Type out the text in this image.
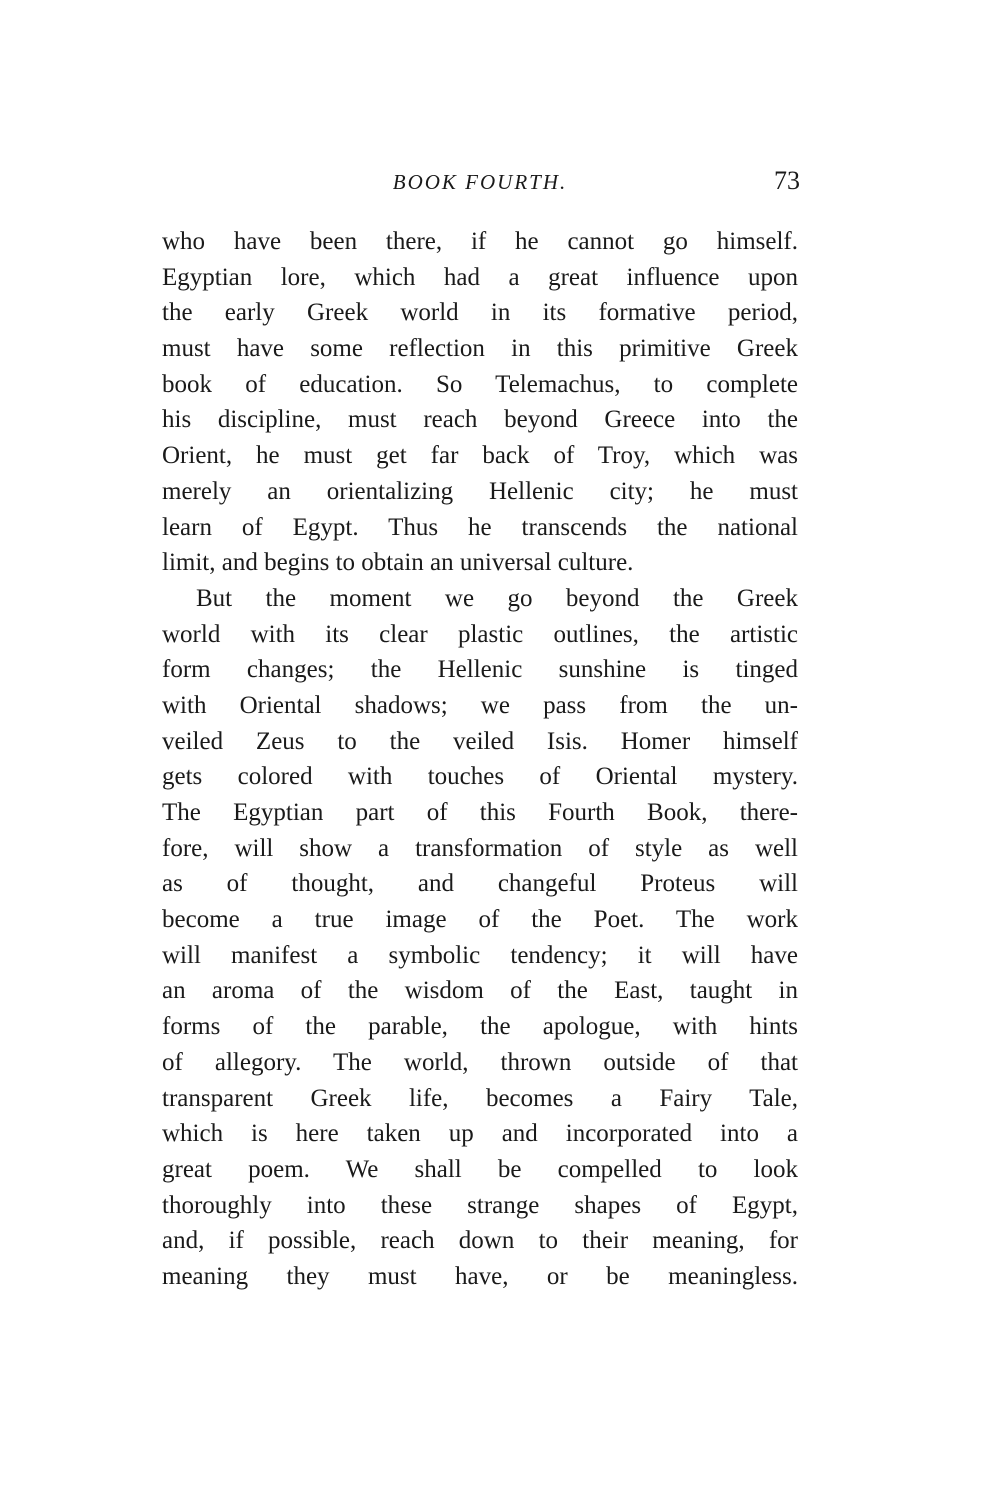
BOOK FOURTH.	73
who have been there, if he cannot go himself.
Egyptian lore, which had a great influence upon
the early Greek world in its formative period,
must have some reflection in this primitive Greek
book of education. So Telemachus, to complete
his discipline, must reach beyond Greece into the
Orient, he must get far back of Troy, which was
merely an orientalizing Hellenic city; he must
learn of Egypt. Thus he transcends the national
limit, and begins to obtain an universal culture.
But the moment we go beyond the Greek
world with its clear plastic outlines, the artistic
form changes; the Hellenic sunshine is tinged
with Oriental shadows; we pass from the un-
veiled Zeus to the veiled Isis. Homer himself
gets colored with touches of Oriental mystery.
The Egyptian part of this Fourth Book, there-
fore, will show a transformation of style as well
as of thought, and changeful Proteus will
become a true image of the Poet. The work
will manifest a symbolic tendency; it will have
an aroma of the wisdom of the East, taught in
forms of the parable, the apologue, with hints
of allegory. The world, thrown outside of that
transparent Greek life, becomes a Fairy Tale,
which is here taken up and incorporated into a
great poem. We shall be compelled to look
thoroughly into these strange shapes of Egypt,
and, if possible, reach down to their meaning, for
meaning they must have, or be meaningless.
